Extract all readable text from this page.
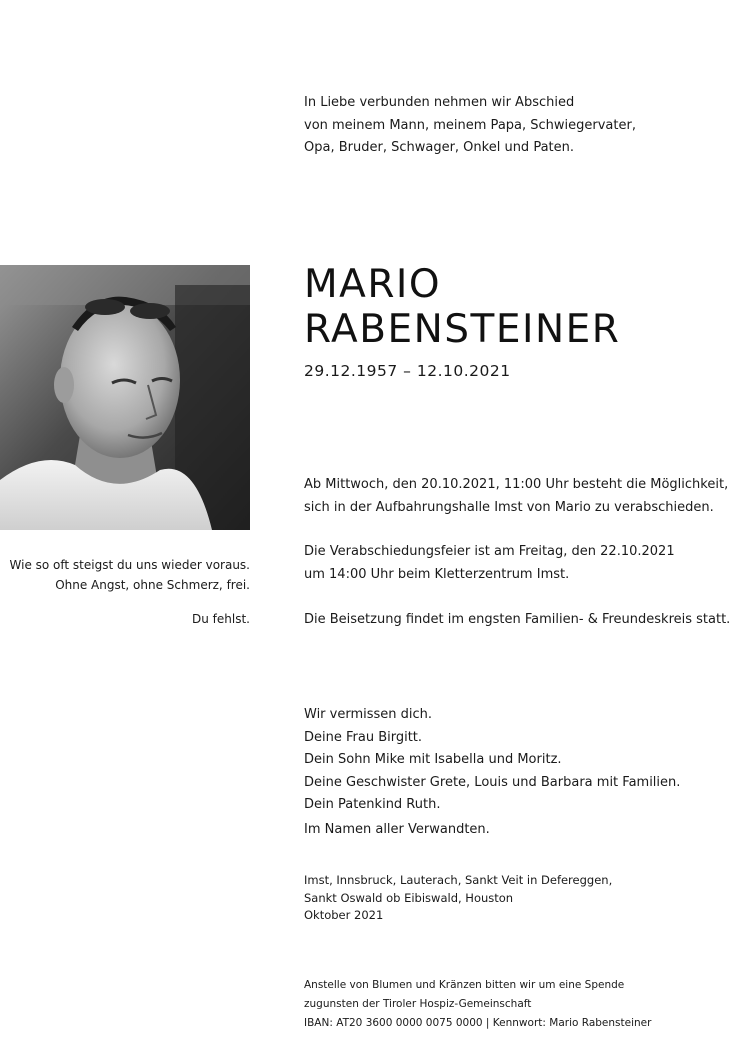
In Liebe verbunden nehmen wir Abschied
von meinem Mann, meinem Papa, Schwiegervater,
Opa, Bruder, Schwager, Onkel und Paten.
MARIO
RABENSTEINER
29.12.1957 – 12.10.2021
Wie so oft steigst du uns wieder voraus.
Ohne Angst, ohne Schmerz, frei.
Du fehlst.
Ab Mittwoch, den 20.10.2021, 11:00 Uhr besteht die Möglichkeit,
sich in der Aufbahrungshalle Imst von Mario zu verabschieden.
Die Verabschiedungsfeier ist am Freitag, den 22.10.2021
um 14:00 Uhr beim Kletterzentrum Imst.
Die Beisetzung findet im engsten Familien- & Freundeskreis statt.
Wir vermissen dich.
Deine Frau Birgitt.
Dein Sohn Mike mit Isabella und Moritz.
Deine Geschwister Grete, Louis und Barbara mit Familien.
Dein Patenkind Ruth.
Im Namen aller Verwandten.
Imst, Innsbruck, Lauterach, Sankt Veit in Defereggen,
Sankt Oswald ob Eibiswald, Houston
Oktober 2021
Anstelle von Blumen und Kränzen bitten wir um eine Spende
zugunsten der Tiroler Hospiz-Gemeinschaft
IBAN: AT20 3600 0000 0075 0000 | Kennwort: Mario Rabensteiner
